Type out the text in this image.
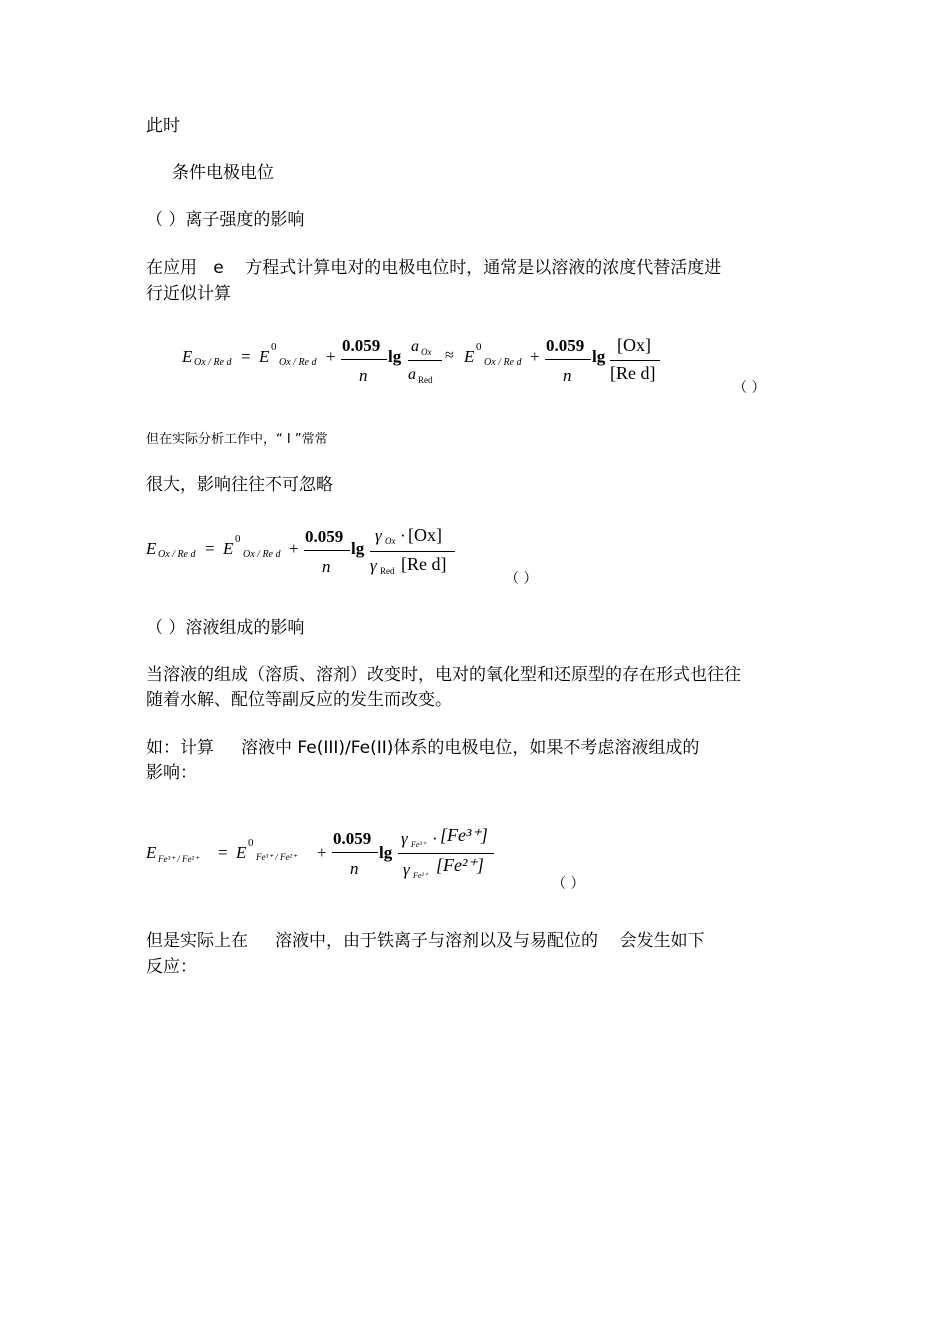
此时
条件电极电位
（ ）离子强度的影响
在应用   e    方程式计算电对的电极电位时，通常是以溶液的浓度代替活度进
行近似计算
E Ox / Re d = E 0
Ox / Re d +
0.059
n
lg
a Ox
a Red
≈ E 0
Ox / Re d +
0.059
n
lg
[Ox]
[Re d]
（ ）
但在实际分析工作中，“ I ”常常
很大，影响往往不可忽略
E Ox / Re d = E 0
Ox / Re d +
0.059
n
lg
γ Ox · [Ox]
γ Red [Re d]
（ ）
（ ）溶液组成的影响
当溶液的组成（溶质、溶剂）改变时，电对的氧化型和还原型的存在形式也往往
随着水解、配位等副反应的发生而改变。
如：计算     溶液中 Fe(III)/Fe(II)体系的电极电位，如果不考虑溶液组成的
影响：
E Fe³⁺ / Fe²⁺ = E 0
Fe³⁺ / Fe²⁺ +
0.059
n
lg
γ Fe³⁺ · [Fe³⁺]
γ Fe²⁺
[Fe²⁺]
（ ）
但是实际上在     溶液中，由于铁离子与溶剂以及与易配位的    会发生如下
反应：
